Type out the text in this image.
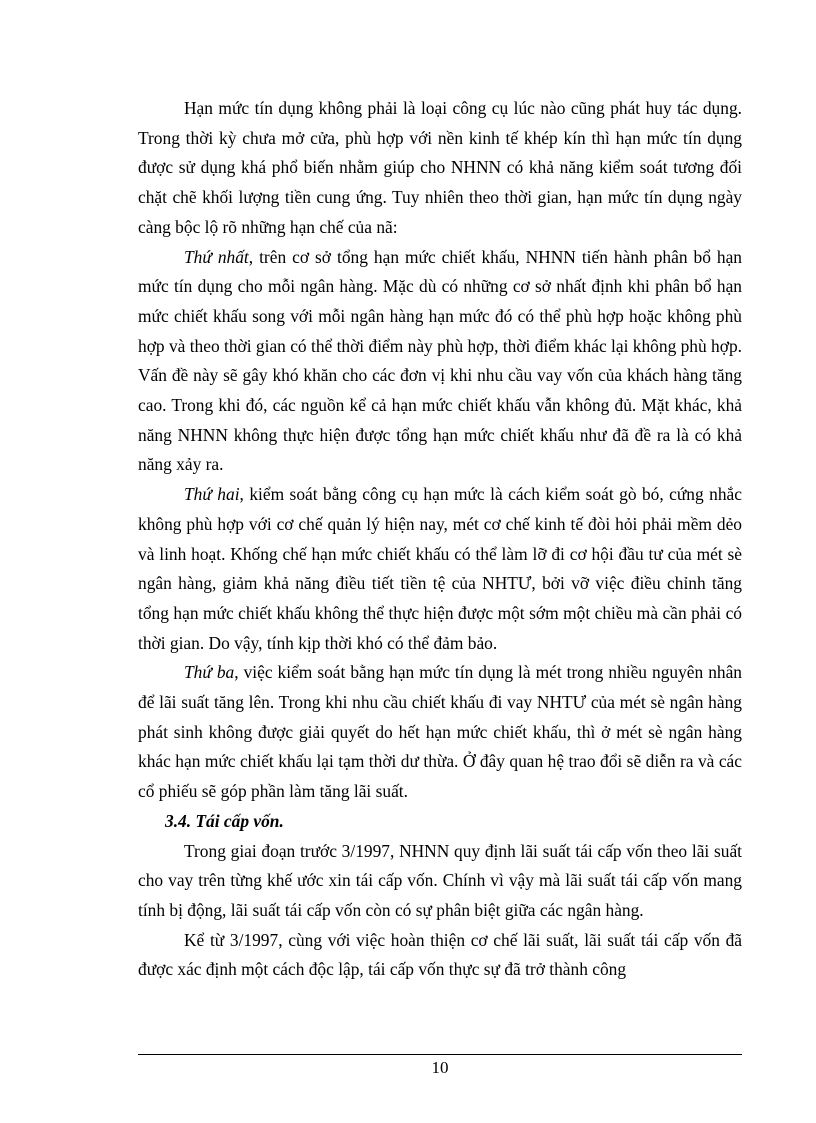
Hạn mức tín dụng không phải là loại công cụ lúc nào cũng phát huy tác dụng. Trong thời kỳ chưa mở cửa, phù hợp với nền kinh tế khép kín thì hạn mức tín dụng được sử dụng khá phổ biến nhằm giúp cho NHNN có khả năng kiểm soát tương đối chặt chẽ khối lượng tiền cung ứng. Tuy nhiên theo thời gian, hạn mức tín dụng ngày càng bộc lộ rõ những hạn chế của nã:

Thứ nhất, trên cơ sở tổng hạn mức chiết khấu, NHNN tiến hành phân bổ hạn mức tín dụng cho mỗi ngân hàng. Mặc dù có những cơ sở nhất định khi phân bổ hạn mức chiết khấu song với mỗi ngân hàng hạn mức đó có thể phù hợp hoặc không phù hợp và theo thời gian có thể thời điểm này phù hợp, thời điểm khác lại không phù hợp. Vấn đề này sẽ gây khó khăn cho các đơn vị khi nhu cầu vay vốn của khách hàng tăng cao. Trong khi đó, các nguồn kể cả hạn mức chiết khấu vẫn không đủ. Mặt khác, khả năng NHNN không thực hiện được tổng hạn mức chiết khấu như đã đề ra là có khả năng xảy ra.

Thứ hai, kiểm soát bằng công cụ hạn mức là cách kiểm soát gò bó, cứng nhắc không phù hợp với cơ chế quản lý hiện nay, mét cơ chế kinh tế đòi hỏi phải mềm dẻo và linh hoạt. Khống chế hạn mức chiết khấu có thể làm lỡ đi cơ hội đầu tư của mét sè ngân hàng, giảm khả năng điều tiết tiền tệ của NHTƯ, bởi vỡ việc điều chỉnh tăng tổng hạn mức chiết khấu không thể thực hiện được một sớm một chiều mà cần phải có thời gian. Do vậy, tính kịp thời khó có thể đảm bảo.

Thứ ba, việc kiểm soát bằng hạn mức tín dụng là mét trong nhiều nguyên nhân để lãi suất tăng lên. Trong khi nhu cầu chiết khấu đi vay NHTƯ của mét sè ngân hàng phát sinh không được giải quyết do hết hạn mức chiết khấu, thì ở mét sè ngân hàng khác hạn mức chiết khấu lại tạm thời dư thừa. Ở đây quan hệ trao đổi sẽ diễn ra và các cổ phiếu sẽ góp phần làm tăng lãi suất.

3.4. Tái cấp vốn.

Trong giai đoạn trước 3/1997, NHNN quy định lãi suất tái cấp vốn theo lãi suất cho vay trên từng khế ước xin tái cấp vốn. Chính vì vậy mà lãi suất tái cấp vốn mang tính bị động, lãi suất tái cấp vốn còn có sự phân biệt giữa các ngân hàng.

Kể từ 3/1997, cùng với việc hoàn thiện cơ chế lãi suất, lãi suất tái cấp vốn đã được xác định một cách độc lập, tái cấp vốn thực sự đã trở thành công

10
